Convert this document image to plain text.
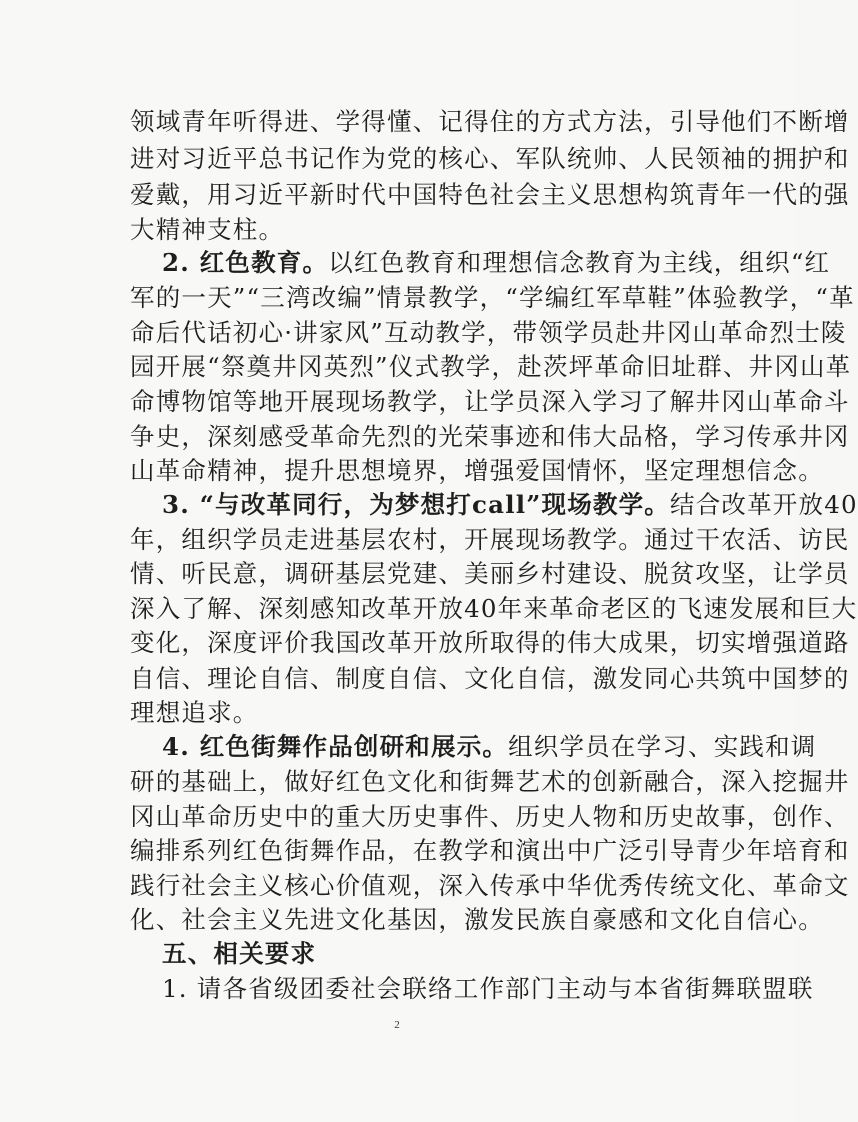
领域青年听得进、学得懂、记得住的方式方法，引导他们不断增
进对习近平总书记作为党的核心、军队统帅、人民领袖的拥护和
爱戴，用习近平新时代中国特色社会主义思想构筑青年一代的强
大精神支柱。
2. 红色教育。以红色教育和理想信念教育为主线，组织“红
军的一天”“三湾改编”情景教学，“学编红军草鞋”体验教学，“革
命后代话初心·讲家风”互动教学，带领学员赴井冈山革命烈士陵
园开展“祭奠井冈英烈”仪式教学，赴茨坪革命旧址群、井冈山革
命博物馆等地开展现场教学，让学员深入学习了解井冈山革命斗
争史，深刻感受革命先烈的光荣事迹和伟大品格，学习传承井冈
山革命精神，提升思想境界，增强爱国情怀，坚定理想信念。
3. “与改革同行，为梦想打call”现场教学。结合改革开放40
年，组织学员走进基层农村，开展现场教学。通过干农活、访民
情、听民意，调研基层党建、美丽乡村建设、脱贫攻坚，让学员
深入了解、深刻感知改革开放40年来革命老区的飞速发展和巨大
变化，深度评价我国改革开放所取得的伟大成果，切实增强道路
自信、理论自信、制度自信、文化自信，激发同心共筑中国梦的
理想追求。
4. 红色街舞作品创研和展示。组织学员在学习、实践和调
研的基础上，做好红色文化和街舞艺术的创新融合，深入挖掘井
冈山革命历史中的重大历史事件、历史人物和历史故事，创作、
编排系列红色街舞作品，在教学和演出中广泛引导青少年培育和
践行社会主义核心价值观，深入传承中华优秀传统文化、革命文
化、社会主义先进文化基因，激发民族自豪感和文化自信心。
五、相关要求
1. 请各省级团委社会联络工作部门主动与本省街舞联盟联
2
